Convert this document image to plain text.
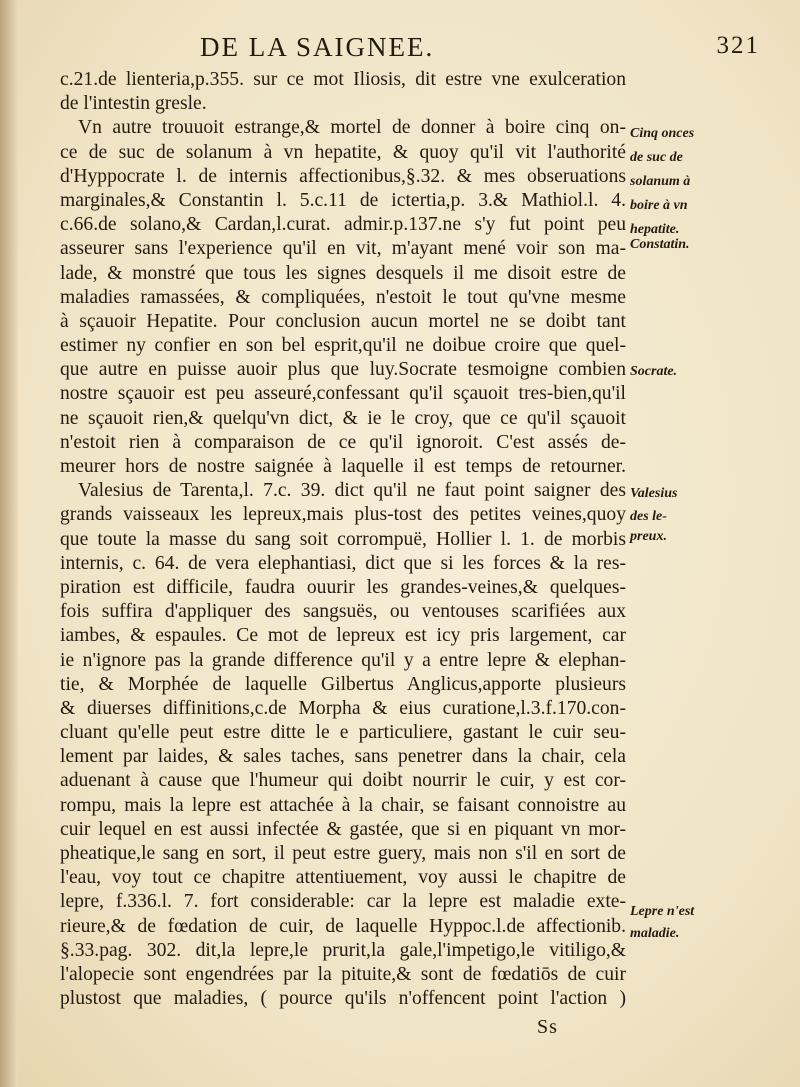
DE LA SAIGNEE.	321
c.21.de lienteria,p.355. sur ce mot Iliosis, dit estre vne exulceration
de l'intestin gresle.
Vn autre trouuoit estrange,& mortel de donner à boire cinq on-
ce de suc de solanum à vn hepatite, & quoy qu'il vit l'authorité
d'Hyppocrate l. de internis affectionibus,§.32. & mes obseruations
marginales,& Constantin l. 5.c.11 de ictertia,p. 3.& Mathiol.l. 4.
c.66.de solano,& Cardan,l.curat. admir.p.137.ne s'y fut point peu
asseurer sans l'experience qu'il en vit, m'ayant mené voir son ma-
lade, & monstré que tous les signes desquels il me disoit estre de
maladies ramassées, & compliquées, n'estoit le tout qu'vne mesme
à sçauoir Hepatite. Pour conclusion aucun mortel ne se doibt tant
estimer ny confier en son bel esprit,qu'il ne doibue croire que quel-
que autre en puisse auoir plus que luy.Socrate tesmoigne combien
nostre sçauoir est peu asseuré,confessant qu'il sçauoit tres-bien,qu'il
ne sçauoit rien,& quelqu'vn dict, & ie le croy, que ce qu'il sçauoit
n'estoit rien à comparaison de ce qu'il ignoroit. C'est assés de-
meurer hors de nostre saignée à laquelle il est temps de retourner.
Valesius de Tarenta,l. 7.c. 39. dict qu'il ne faut point saigner des
grands vaisseaux les lepreux,mais plus-tost des petites veines,quoy
que toute la masse du sang soit corrompuë, Hollier l. 1. de morbis
internis, c. 64. de vera elephantiasi, dict que si les forces & la res-
piration est difficile, faudra ouurir les grandes-veines,& quelques-
fois suffira d'appliquer des sangsuës, ou ventouses scarifiées aux
iambes, & espaules. Ce mot de lepreux est icy pris largement, car
ie n'ignore pas la grande difference qu'il y a entre lepre & elephan-
tie, & Morphée de laquelle Gilbertus Anglicus,apporte plusieurs
& diuerses diffinitions,c.de Morpha & eius curatione,l.3.f.170.con-
cluant qu'elle peut estre ditte le e particuliere, gastant le cuir seu-
lement par laides, & sales taches, sans penetrer dans la chair, cela
aduenant à cause que l'humeur qui doibt nourrir le cuir, y est cor-
rompu, mais la lepre est attachée à la chair, se faisant connoistre au
cuir lequel en est aussi infectée & gastée, que si en piquant vn mor-
pheatique,le sang en sort, il peut estre guery, mais non s'il en sort de
l'eau, voy tout ce chapitre attentiuement, voy aussi le chapitre de
lepre, f.336.l. 7. fort considerable: car la lepre est maladie exte-
rieure,& de fœdation de cuir, de laquelle Hyppoc.l.de affectionib.
§.33.pag. 302. dit,la lepre,le prurit,la gale,l'impetigo,le vitiligo,&
l'alopecie sont engendrées par la pituite,& sont de fœdatiōs de cuir
plustost que maladies, ( pource qu'ils n'offencent point l'action )
Cinq onces
de suc de
solanum à
boire à vn
hepatite.
Constatin.
Socrate.
Valesius
des le-
preux.
Lepre n'est
maladie.
Ss
